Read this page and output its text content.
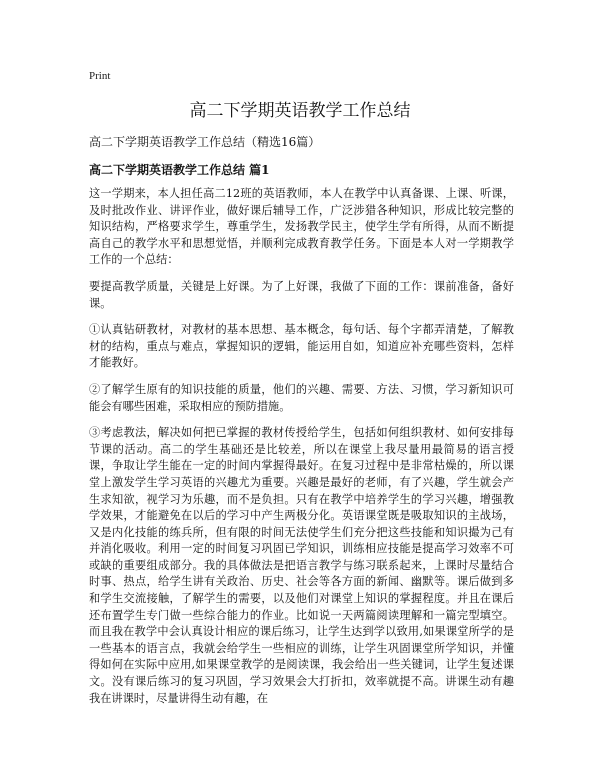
Print
高二下学期英语教学工作总结
高二下学期英语教学工作总结（精选16篇）
高二下学期英语教学工作总结 篇1

这一学期来，本人担任高二12班的英语教师，本人在教学中认真备课、上课、听课，及时批改作业、讲评作业，做好课后辅导工作，广泛涉猎各种知识，形成比较完整的知识结构，严格要求学生，尊重学生，发扬教学民主，使学生学有所得，从而不断提高自己的教学水平和思想觉悟，并顺利完成教育教学任务。下面是本人对一学期教学工作的一个总结：

要提高教学质量，关键是上好课。为了上好课，我做了下面的工作：课前准备，备好课。

①认真钻研教材，对教材的基本思想、基本概念，每句话、每个字都弄清楚，了解教材的结构，重点与难点，掌握知识的逻辑，能运用自如，知道应补充哪些资料，怎样才能教好。

②了解学生原有的知识技能的质量，他们的兴趣、需要、方法、习惯，学习新知识可能会有哪些困难，采取相应的预防措施。

③考虑教法，解决如何把已掌握的教材传授给学生，包括如何组织教材、如何安排每节课的活动。高二的学生基础还是比较差，所以在课堂上我尽量用最简易的语言授课，争取让学生能在一定的时间内掌握得最好。在复习过程中是非常枯燥的，所以课堂上激发学生学习英语的兴趣尤为重要。兴趣是最好的老师，有了兴趣，学生就会产生求知欲，视学习为乐趣，而不是负担。只有在教学中培养学生的学习兴趣，增强教学效果，才能避免在以后的学习中产生两极分化。英语课堂既是吸取知识的主战场，又是内化技能的练兵所，但有限的时间无法使学生们充分把这些技能和知识撮为己有并消化吸收。利用一定的时间复习巩固已学知识，训练相应技能是提高学习效率不可或缺的重要组成部分。我的具体做法是把语言教学与练习联系起来，上课时尽量结合时事、热点，给学生讲有关政治、历史、社会等各方面的新闻、幽默等。课后做到多和学生交流接触，了解学生的需要，以及他们对课堂上知识的掌握程度。并且在课后还布置学生专门做一些综合能力的作业。比如说一天两篇阅读理解和一篇完型填空。而且我在教学中会认真设计相应的课后练习，让学生达到学以致用,如果课堂所学的是一些基本的语言点，我就会给学生一些相应的训练，让学生巩固课堂所学知识，并懂得如何在实际中应用,如果课堂教学的是阅读课，我会给出一些关键词，让学生复述课文。没有课后练习的复习巩固，学习效果会大打折扣，效率就提不高。讲课生动有趣 我在讲课时，尽量讲得生动有趣，在
